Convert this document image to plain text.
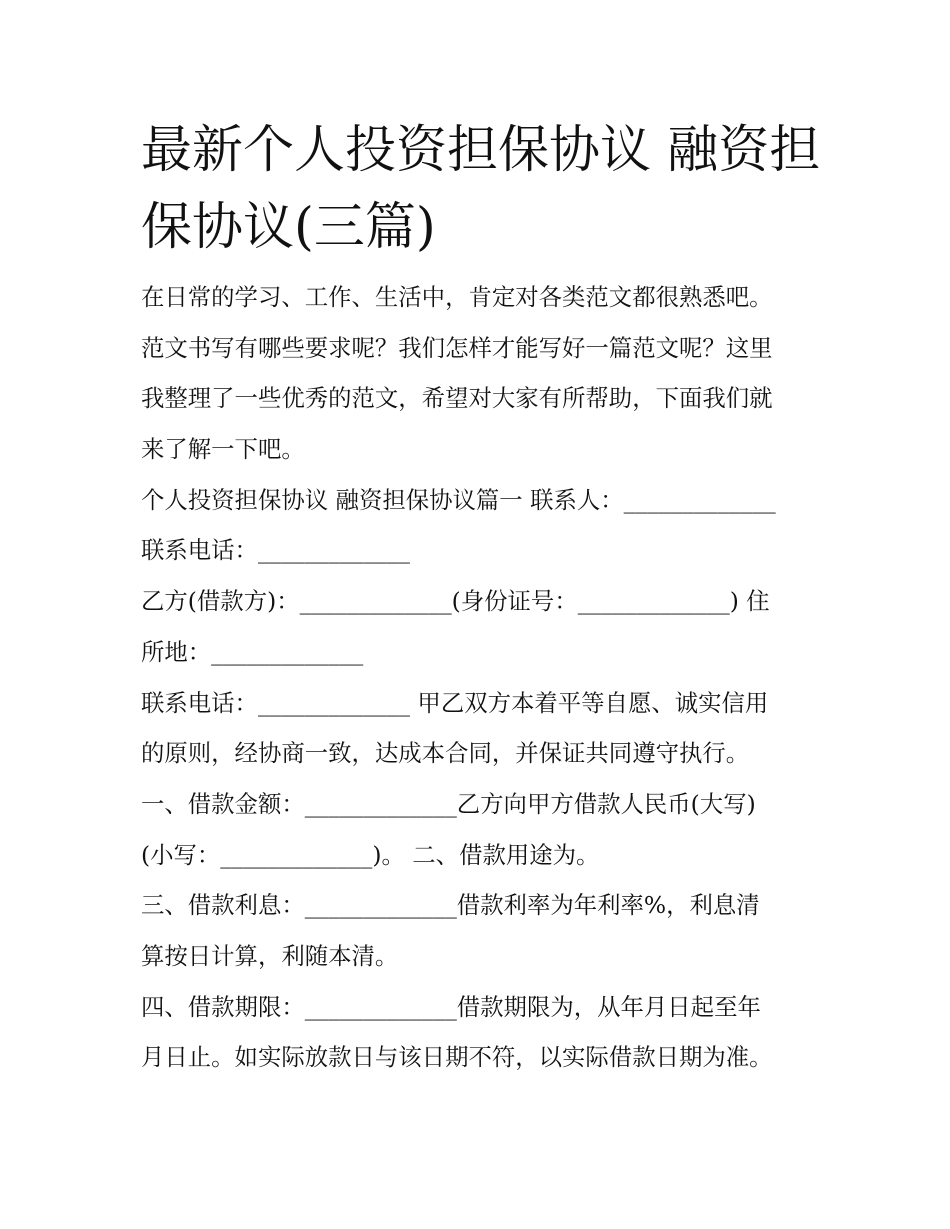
最新个人投资担保协议 融资担
保协议(三篇)
在日常的学习、工作、生活中，肯定对各类范文都很熟悉吧。
范文书写有哪些要求呢？我们怎样才能写好一篇范文呢？这里
我整理了一些优秀的范文，希望对大家有所帮助，下面我们就
来了解一下吧。
个人投资担保协议 融资担保协议篇一 联系人：_____________
联系电话：_____________
乙方(借款方)：_____________(身份证号：_____________) 住
所地：_____________
联系电话：_____________ 甲乙双方本着平等自愿、诚实信用
的原则，经协商一致，达成本合同，并保证共同遵守执行。
一、借款金额：_____________乙方向甲方借款人民币(大写)
(小写：_____________)。 二、借款用途为。
三、借款利息：_____________借款利率为年利率%，利息清
算按日计算，利随本清。
四、借款期限：_____________借款期限为，从年月日起至年
月日止。如实际放款日与该日期不符，以实际借款日期为准。
